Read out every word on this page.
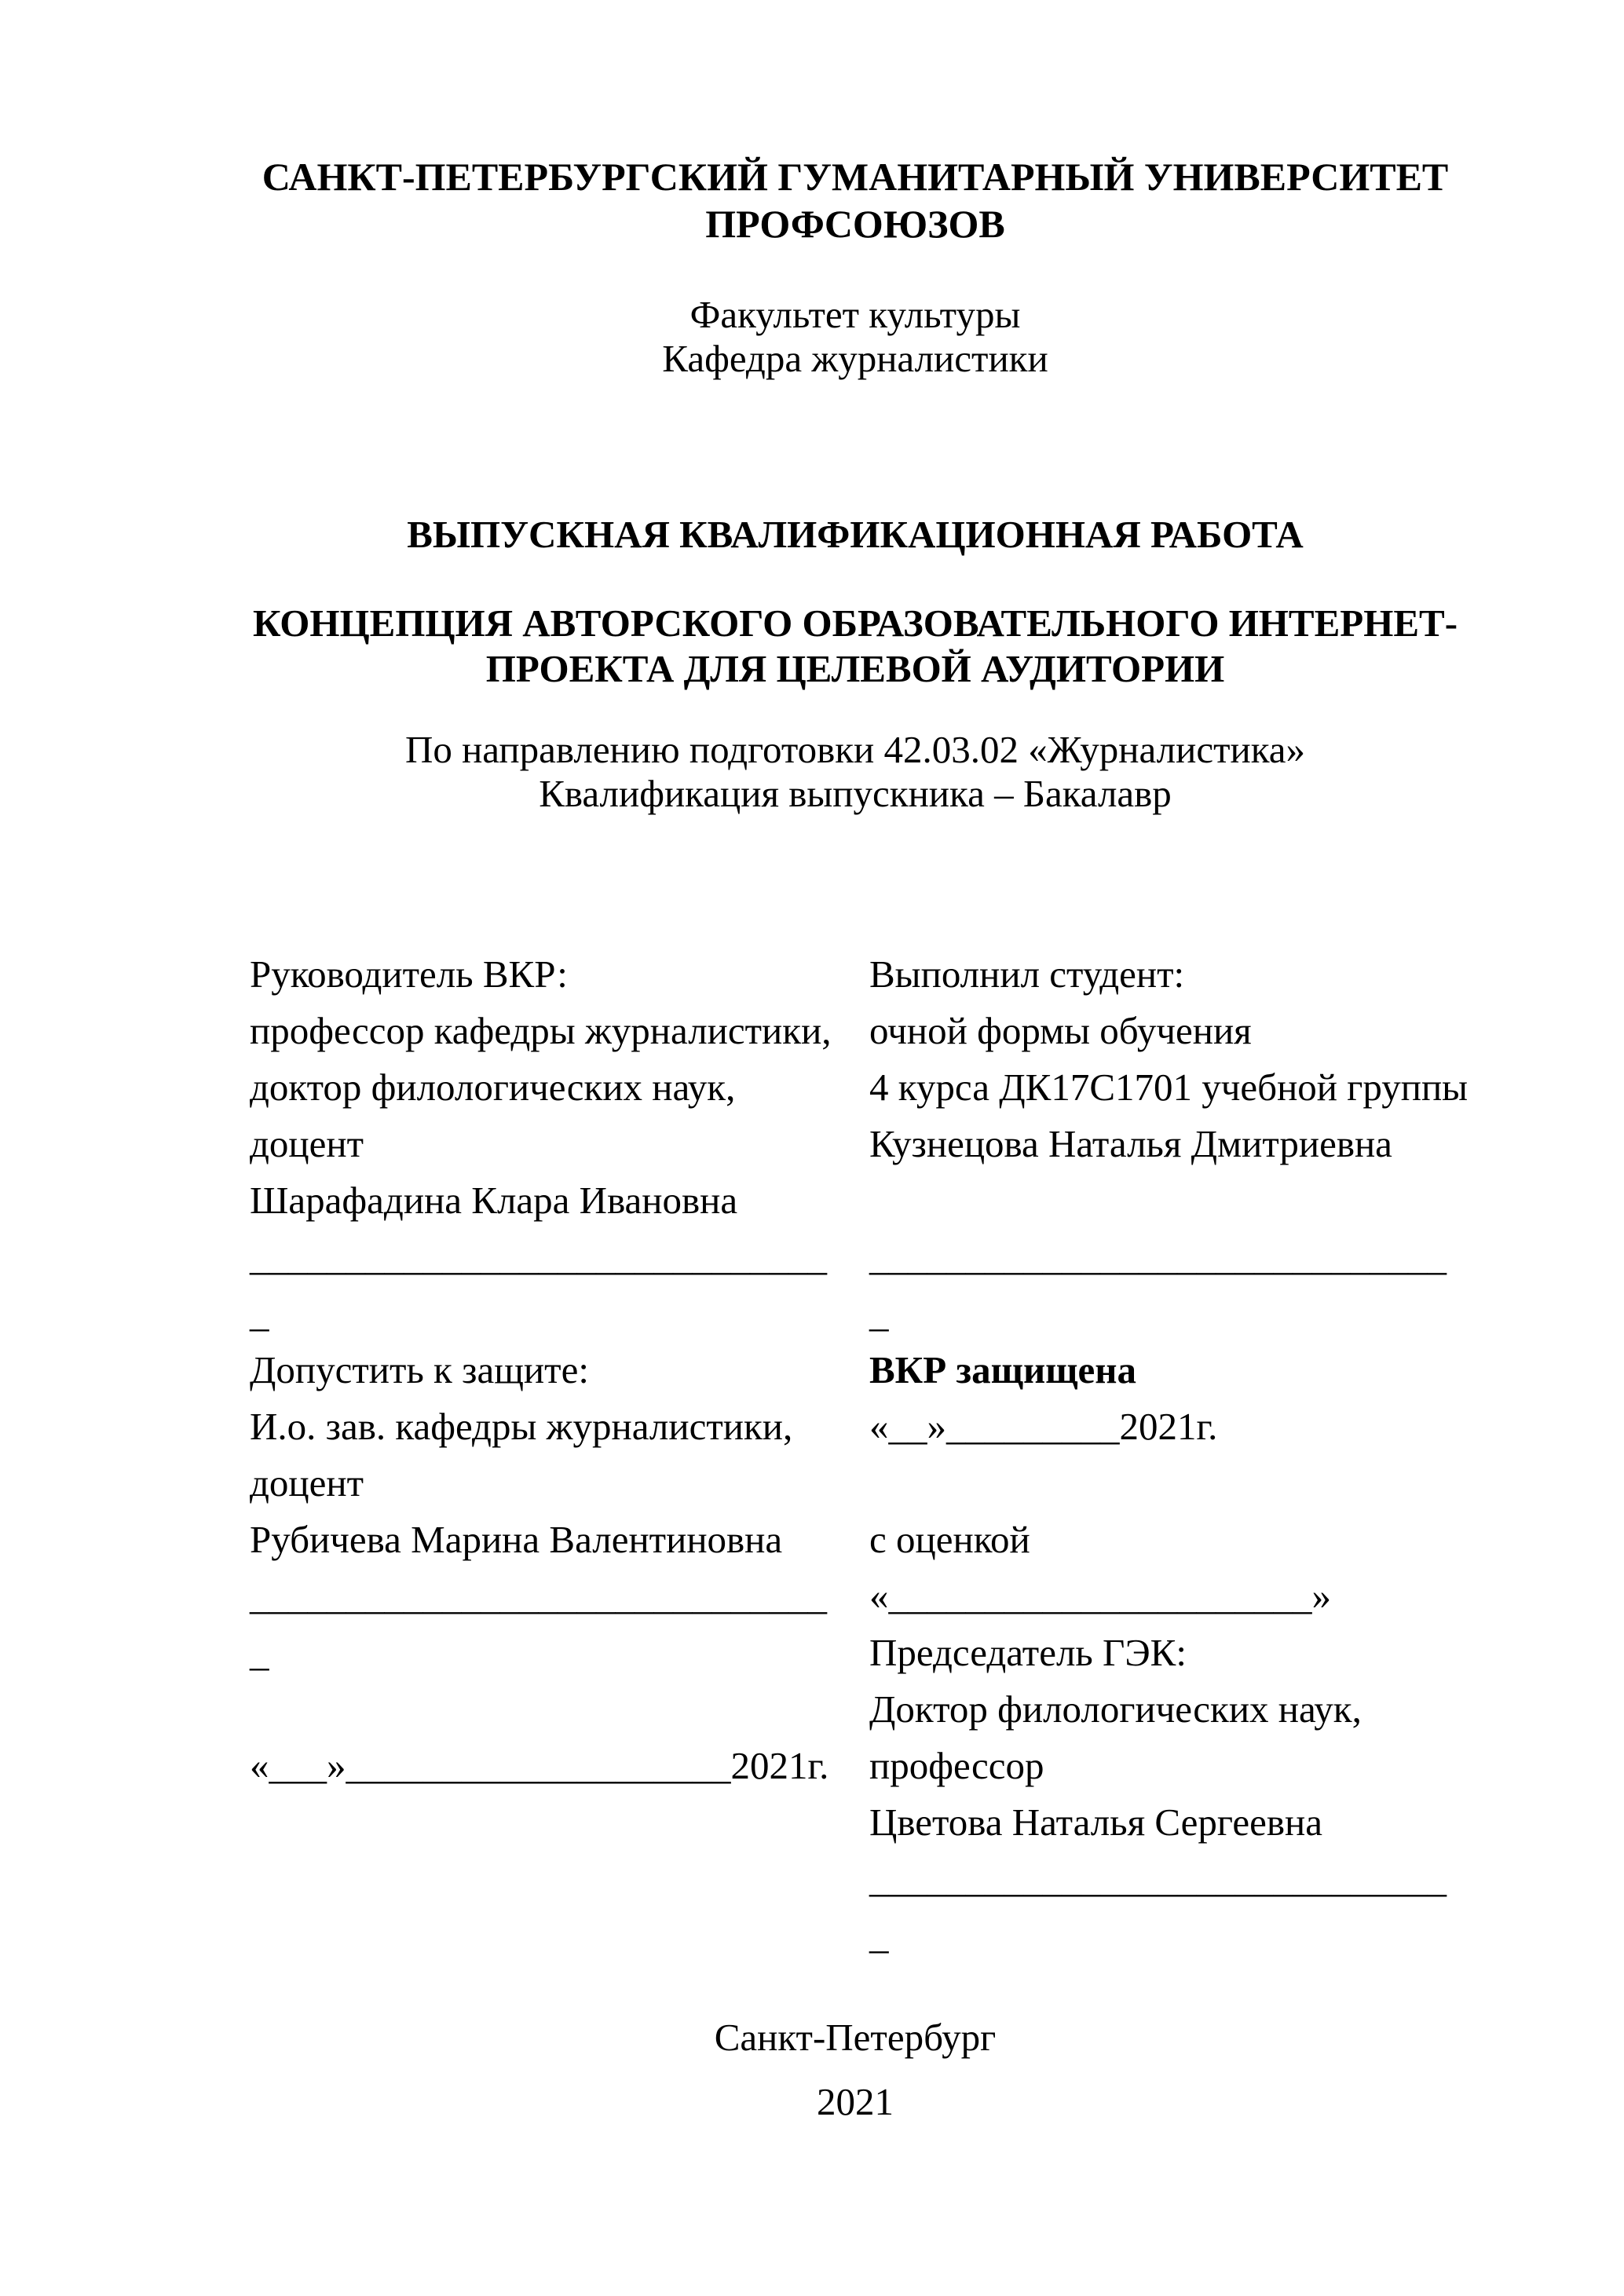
САНКТ-ПЕТЕРБУРГСКИЙ ГУМАНИТАРНЫЙ УНИВЕРСИТЕТ
ПРОФСОЮЗОВ
Факультет культуры
Кафедра журналистики
ВЫПУСКНАЯ КВАЛИФИКАЦИОННАЯ РАБОТА
КОНЦЕПЦИЯ АВТОРСКОГО ОБРАЗОВАТЕЛЬНОГО ИНТЕРНЕТ-
ПРОЕКТА ДЛЯ ЦЕЛЕВОЙ АУДИТОРИИ
По направлению подготовки 42.03.02 «Журналистика»
Квалификация выпускника – Бакалавр
Руководитель ВКР:
профессор кафедры журналистики,
доктор филологических наук,
доцент
Шарафадина Клара Ивановна
______________________________
_
Допустить к защите:
И.о. зав. кафедры журналистики,
доцент
Рубичева Марина Валентиновна
______________________________
_
«___»____________________2021г.
Выполнил студент:
очной формы обучения
4 курса ДК17С1701 учебной группы
Кузнецова Наталья Дмитриевна
______________________________
_
ВКР защищена
«__»_________2021г.
с оценкой
«______________________»
Председатель ГЭК:
Доктор филологических наук,
профессор
Цветова Наталья Сергеевна
______________________________
_
Санкт-Петербург
2021
